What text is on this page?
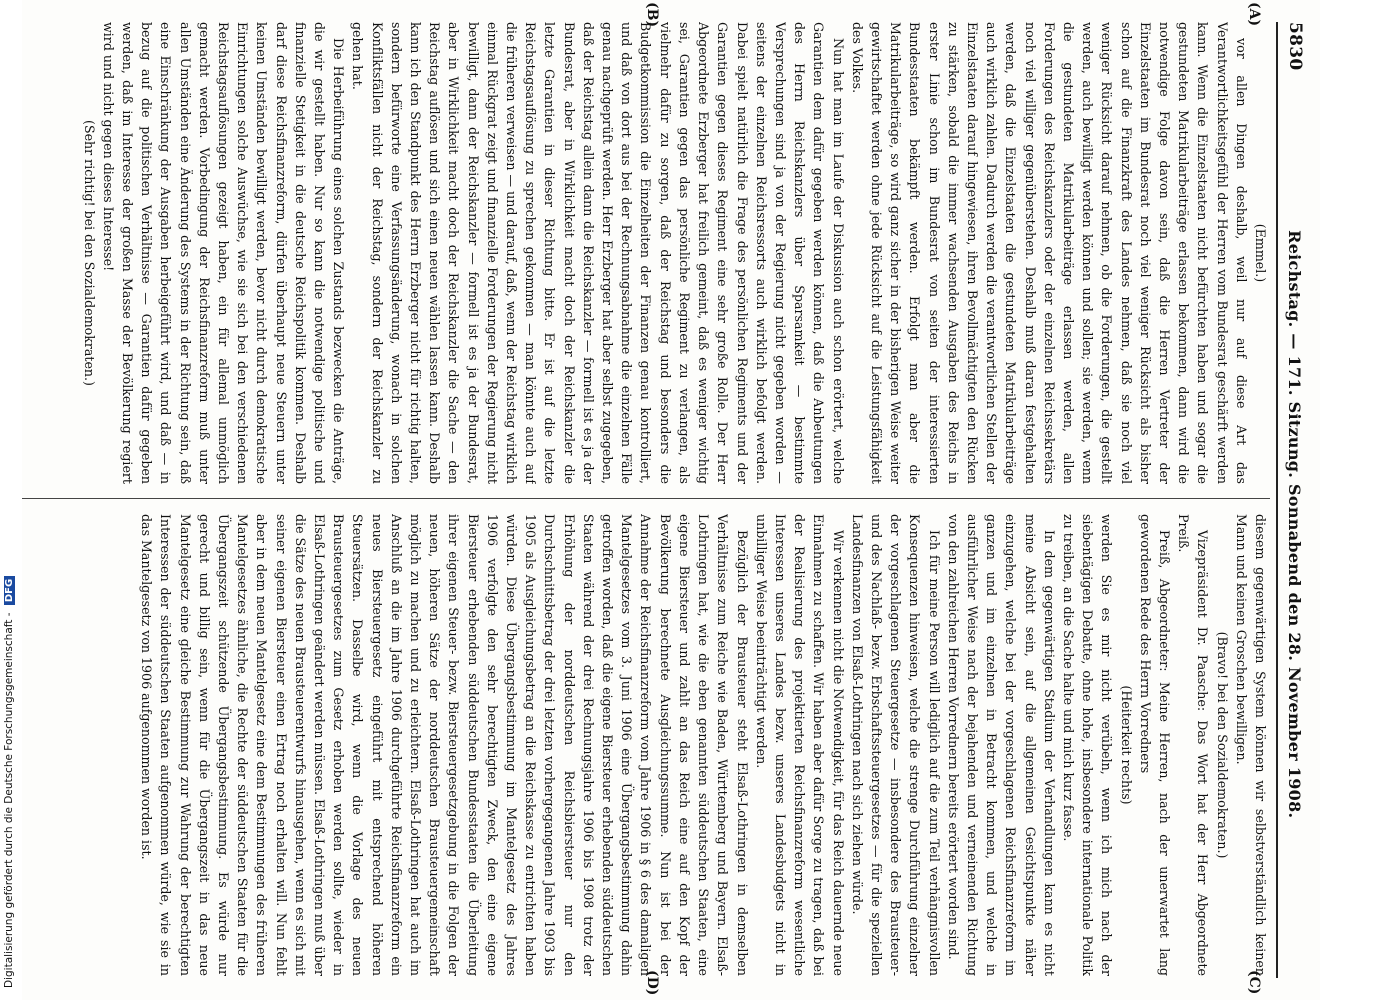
5830
Reichstag. — 171. Sitzung. Sonnabend den 28. November 1908.
(A)
(B)
(C)
(D)

(Emmel.)

vor allen Dingen deshalb, weil nur auf diese Art das Verantwortlichkeitsgefühl der Herren vom Bundesrat geschärft werden kann. Wenn die Einzelstaaten nicht befürchten haben und sogar die gestundeten Matrikularbeiträge erlassen bekommen, dann wird die notwendige Folge davon sein, daß die Herren Vertreter der Einzelstaaten im Bundesrat noch viel weniger Rücksicht als bisher schon auf die Finanzkraft des Landes nehmen, daß sie noch viel weniger Rücksicht darauf nehmen, ob die Forderungen, die gestellt werden, auch bewilligt werden können und sollen; sie werden, wenn die gestundeten Matrikularbeiträge erlassen werden, allen Forderungen des Reichskanzlers oder der einzelnen Reichssekretärs noch viel williger gegenüberstehen. Deshalb muß daran festgehalten werden, daß die Einzelstaaten die gestundeten Matrikularbeiträge auch wirklich zahlen. Dadurch werden die verantwortlichen Stellen der Einzelstaaten darauf hingewiesen, ihren Bevollmächtigten den Rücken zu stärken, sobald die immer wachsenden Ausgaben des Reichs in erster Linie schon im Bundesrat von seiten der interessierten Bundesstaaten bekämpft werden. Erfolgt man aber die Matrikularbeiträge, so wird ganz sicher in der bisherigen Weise weiter gewirtschaftet werden ohne jede Rücksicht auf die Leistungsfähigkeit des Volkes.

Nun hat man im Laufe der Diskussion auch schon erörtert, welche Garantien dem dafür gegeben werden können, daß die Anbeutungen des Herrn Reichskanzlers über Sparsamkeit — bestimmte Versprechungen sind ja von der Regierung nicht gegeben worden — seitens der einzelnen Reichsressorts auch wirklich befolgt werden. Dabei spielt natürlich die Frage des persönlichen Regiments und der Garantien gegen dieses Regiment eine sehr große Rolle. Der Herr Abgeordnete Erzberger hat freilich gemeint, daß es weniger wichtig sei, Garantien gegen das persönliche Regiment zu verlangen, als vielmehr dafür zu sorgen, daß der Reichstag und besonders die Budgetkommission die Einzelheiten der Finanzen genau kontrolliert, und daß von dort aus bei der Rechnungsabnahme die einzelnen Fälle genau nachgeprüft werden. Herr Erzberger hat aber selbst zugegeben, daß der Reichstag allein dann die Reichskanzler — formell ist es ja der Bundesrat, aber in Wirklichkeit macht doch der Reichskanzler die letzte Garantien in dieser Richtung bitte. Er ist auf die letzte Reichstagsauflösung zu sprechen gekommen — man könnte auch auf die früheren verweisen — und darauf, daß, wenn der Reichstag wirklich einmal Rückgrat zeigt und finanzielle Forderungen der Regierung nicht bewilligt, dann der Reichskanzler — formell ist es ja der Bundesrat, aber in Wirklichkeit macht doch der Reichskanzler die Sache — den Reichstag auflösen und sich einen neuen wählen lassen kann. Deshalb kann ich den Standpunkt des Herrn Erzberger nicht für richtig halten, sondern befürworte eine Verfassungsänderung, wonach in solchen Konfliktsfällen nicht der Reichstag, sondern der Reichskanzler zu gehen hat.

Die Herbeiführung eines solchen Zustands bezwecken die Anträge, die wir gestellt haben. Nur so kann die notwendige politische und finanzielle Stetigkeit in die deutsche Reichspolitik kommen. Deshalb darf diese Reichsfinanzreform, dürfen überhaupt neue Steuern unter keinen Umständen bewilligt werden, bevor nicht durch demokratische Einrichtungen solche Auswüchse, wie sie sich bei den verschiedenen Reichstagsauflösungen gezeigt haben, ein für allemal unmöglich gemacht werden. Vorbedingung der Reichsfinanzreform muß unter allen Umständen eine Änderung des Systems in der Richtung sein, daß eine Einschränkung der Ausgaben herbeigeführt wird, und daß — in bezug auf die politischen Verhältnisse — Garantien dafür gegeben werden, daß im Interesse der großen Masse der Bevölkerung regiert wird und nicht gegen dieses Interesse!

(Sehr richtig! bei den Sozialdemokraten.)

diesem gegenwärtigen System können wir selbstverständlich keinen Mann und keinen Groschen bewilligen.

(Bravo! bei den Sozialdemokraten.)

Vizepräsident Dr. Paasche: Das Wort hat der Herr Abgeordnete Preiß.

Preiß, Abgeordneter: Meine Herren, nach der unerwartet lang gewordenen Rede des Herrn Vorredners

(Heiterkeit rechts)

werden Sie es mir nicht verübeln, wenn ich mich nach der siebentägigen Debatte, ohne hohe, insbesondere internationale Politik zu treiben, an die Sache halte und mich kurz fasse.

In dem gegenwärtigen Stadium der Verhandlungen kann es nicht meine Absicht sein, auf die allgemeinen Gesichtspunkte näher einzugehen, welche bei der vorgeschlagenen Reichsfinanzreform im ganzen und im einzelnen in Betracht kommen, und welche in ausführlicher Weise nach der bejahenden und verneinenden Richtung von den zahlreichen Herren Vorrednern bereits erörtert worden sind.

Ich für meine Person will lediglich auf die zum Teil verhängnisvollen Konsequenzen hinweisen, welche die strenge Durchführung einzelner der vorgeschlagenen Steuergesetze — insbesondere des Brausteuer- und des Nachlaß- bezw. Erbschaftssteuergesetzes — für die speziellen Landesfinanzen von Elsaß-Lothringen nach sich ziehen würde.

Wir verkennen nicht die Notwendigkeit, für das Reich dauernde neue Einnahmen zu schaffen. Wir haben aber dafür Sorge zu tragen, daß bei der Realisierung des projektierten Reichsfinanzreform wesentliche Interessen unseres Landes bezw. unseres Landesbudgets nicht in unbilliger Weise beeinträchtigt werden.

Bezüglich der Brausteuer steht Elsaß-Lothringen in demselben Verhältnisse zum Reiche wie Baden, Württemberg und Bayern. Elsaß-Lothringen hat, wie die eben genannten süddeutschen Staaten, eine eigene Biersteuer und zahlt an das Reich eine auf den Kopf der Bevölkerung berechnete Ausgleichungssumme. Nun ist bei der Annahme der Reichsfinanzreform vom Jahre 1906 in § 6 des damaligen Mantelgesetzes vom 3. Juni 1906 eine Übergangsbestimmung dahin getroffen worden, daß die eigene Biersteuer erhebenden süddeutschen Staaten während der drei Rechnungsjahre 1906 bis 1908 trotz der Erhöhung der norddeutschen Reichsbiersteuer nur den Durchschnittsbetrag der drei letzten vorhergegangenen Jahre 1903 bis 1905 als Ausgleichungsbetrag an die Reichskasse zu entrichten haben würden. Diese Übergangsbestimmung im Mantelgesetz des Jahres 1906 verfolgte den sehr berechtigten Zweck, den eine eigene Biersteuer erhebenden süddeutschen Bundesstaaten die Überleitung ihrer eigenen Steuer- bezw. Biersteuergesetzgebung in die Folgen der neuen, höheren Sätze der norddeutschen Brausteuergemeinschaft möglich zu machen und zu erleichtern. Elsaß-Lothringen hat auch im Anschluß an die im Jahre 1906 durchgeführte Reichsfinanzreform ein neues Biersteuergesetz eingeführt mit entsprechend höheren Steuersätzen. Dasselbe wird, wenn die Vorlage des neuen Brausteuergesetzes zum Gesetz erhoben werden sollte, wieder in Elsaß-Lothringen geändert werden müssen. Elsaß-Lothringen muß über die Sätze des neuen Brausteuerentwurfs hinausgehen, wenn es sich mit seiner eigenen Biersteuer einen Ertrag noch erhalten will. Nun fehlt aber in dem neuen Mantelgesetz eine dem Bestimmungen des früheren Mantelgesetzes ähnliche, die Rechte der süddeutschen Staaten für die Übergangszeit schützende Übergangsbestimmung. Es würde nur gerecht und billig sein, wenn für die Übergangszeit in das neue Mantelgesetz eine gleiche Bestimmung zur Wahrung der berechtigten Interessen der süddeutschen Staaten aufgenommen würde, wie sie in das Mantelgesetz von 1906 aufgenommen worden ist.

Digitalisierung gefördert durch die Deutsche Forschungsgemeinschaft - DFG
